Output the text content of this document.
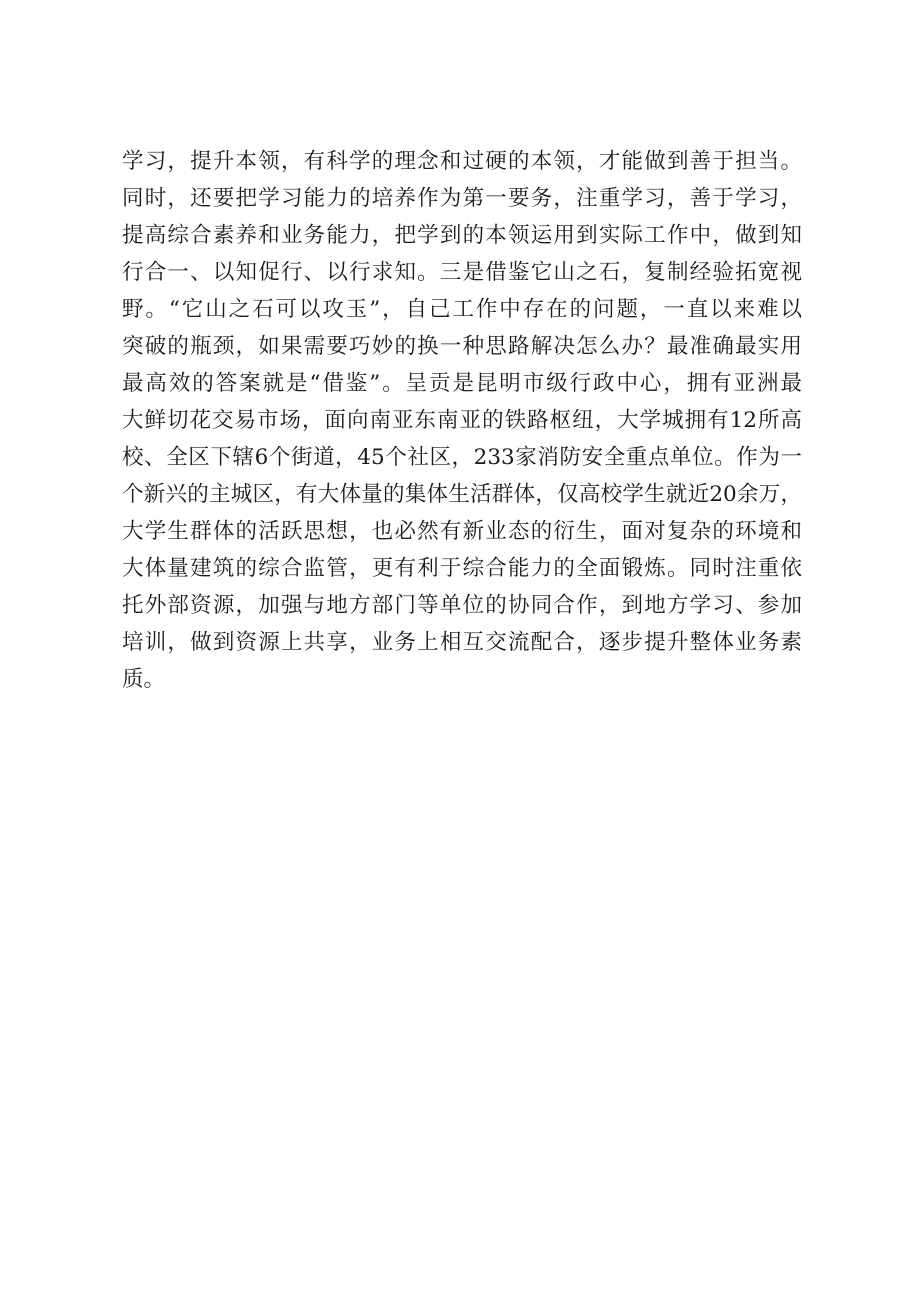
学习，提升本领，有科学的理念和过硬的本领，才能做到善于担当。
同时，还要把学习能力的培养作为第一要务，注重学习，善于学习，
提高综合素养和业务能力，把学到的本领运用到实际工作中，做到知
行合一、以知促行、以行求知。三是借鉴它山之石，复制经验拓宽视
野。“它山之石可以攻玉”，自己工作中存在的问题，一直以来难以
突破的瓶颈，如果需要巧妙的换一种思路解决怎么办？最准确最实用
最高效的答案就是“借鉴”。呈贡是昆明市级行政中心，拥有亚洲最
大鲜切花交易市场，面向南亚东南亚的铁路枢纽，大学城拥有12所高
校、全区下辖6个街道，45个社区，233家消防安全重点单位。作为一
个新兴的主城区，有大体量的集体生活群体，仅高校学生就近20余万，
大学生群体的活跃思想，也必然有新业态的衍生，面对复杂的环境和
大体量建筑的综合监管，更有利于综合能力的全面锻炼。同时注重依
托外部资源，加强与地方部门等单位的协同合作，到地方学习、参加
培训，做到资源上共享，业务上相互交流配合，逐步提升整体业务素
质。
